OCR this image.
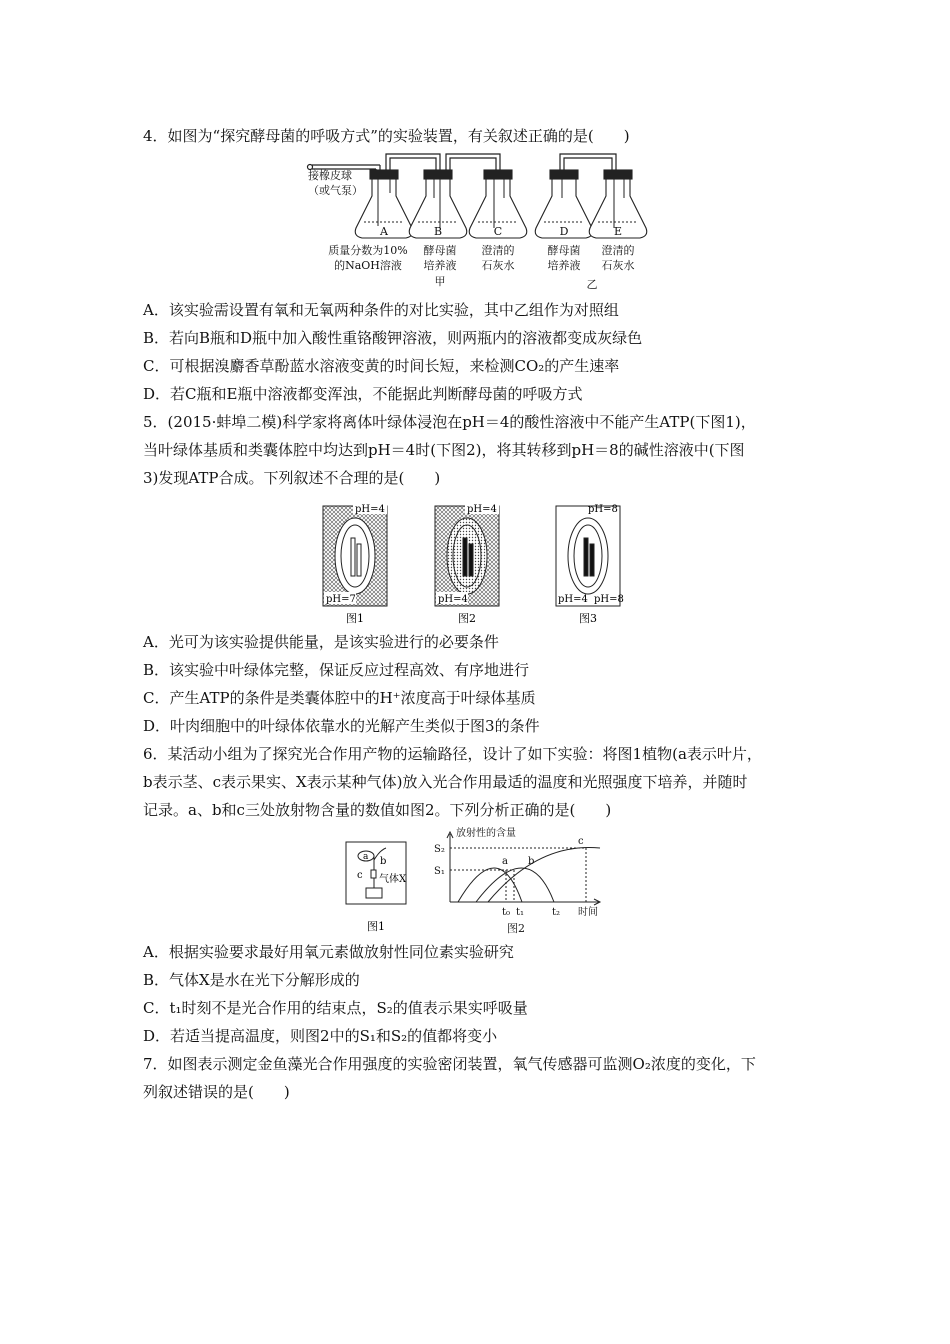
4．如图为“探究酵母菌的呼吸方式”的实验装置，有关叙述正确的是(　　)
A	B	C	D	E
接橡皮球
（或气泵）
质量分数为10%
的NaOH溶液
酵母菌
培养液
澄清的
石灰水
酵母菌
培养液
澄清的
石灰水
甲	乙
A．该实验需设置有氧和无氧两种条件的对比实验，其中乙组作为对照组
B．若向B瓶和D瓶中加入酸性重铬酸钾溶液，则两瓶内的溶液都变成灰绿色
C．可根据溴麝香草酚蓝水溶液变黄的时间长短，来检测CO₂的产生速率
D．若C瓶和E瓶中溶液都变浑浊，不能据此判断酵母菌的呼吸方式
5．(2015·蚌埠二模)科学家将离体叶绿体浸泡在pH＝4的酸性溶液中不能产生ATP(下图1)，
当叶绿体基质和类囊体腔中均达到pH＝4时(下图2)，将其转移到pH＝8的碱性溶液中(下图
3)发现ATP合成。下列叙述不合理的是(　　)
pH=4
pH=7
pH=4
pH=4
pH=8
pH=4 pH=8
图1	图2	图3
A．光可为该实验提供能量，是该实验进行的必要条件
B．该实验中叶绿体完整，保证反应过程高效、有序地进行
C．产生ATP的条件是类囊体腔中的H⁺浓度高于叶绿体基质
D．叶肉细胞中的叶绿体依靠水的光解产生类似于图3的条件
6．某活动小组为了探究光合作用产物的运输路径，设计了如下实验：将图1植物(a表示叶片，
b表示茎、c表示果实、X表示某种气体)放入光合作用最适的温度和光照强度下培养，并随时
记录。a、b和c三处放射物含量的数值如图2。下列分析正确的是(　　)
a b
c 气体X
图1
放射性的含量
S₂
S₁
a b
c
t₀ t₁	t₂ 时间
图2
A．根据实验要求最好用氧元素做放射性同位素实验研究
B．气体X是水在光下分解形成的
C．t₁时刻不是光合作用的结束点，S₂的值表示果实呼吸量
D．若适当提高温度，则图2中的S₁和S₂的值都将变小
7．如图表示测定金鱼藻光合作用强度的实验密闭装置，氧气传感器可监测O₂浓度的变化，下
列叙述错误的是(　　)
